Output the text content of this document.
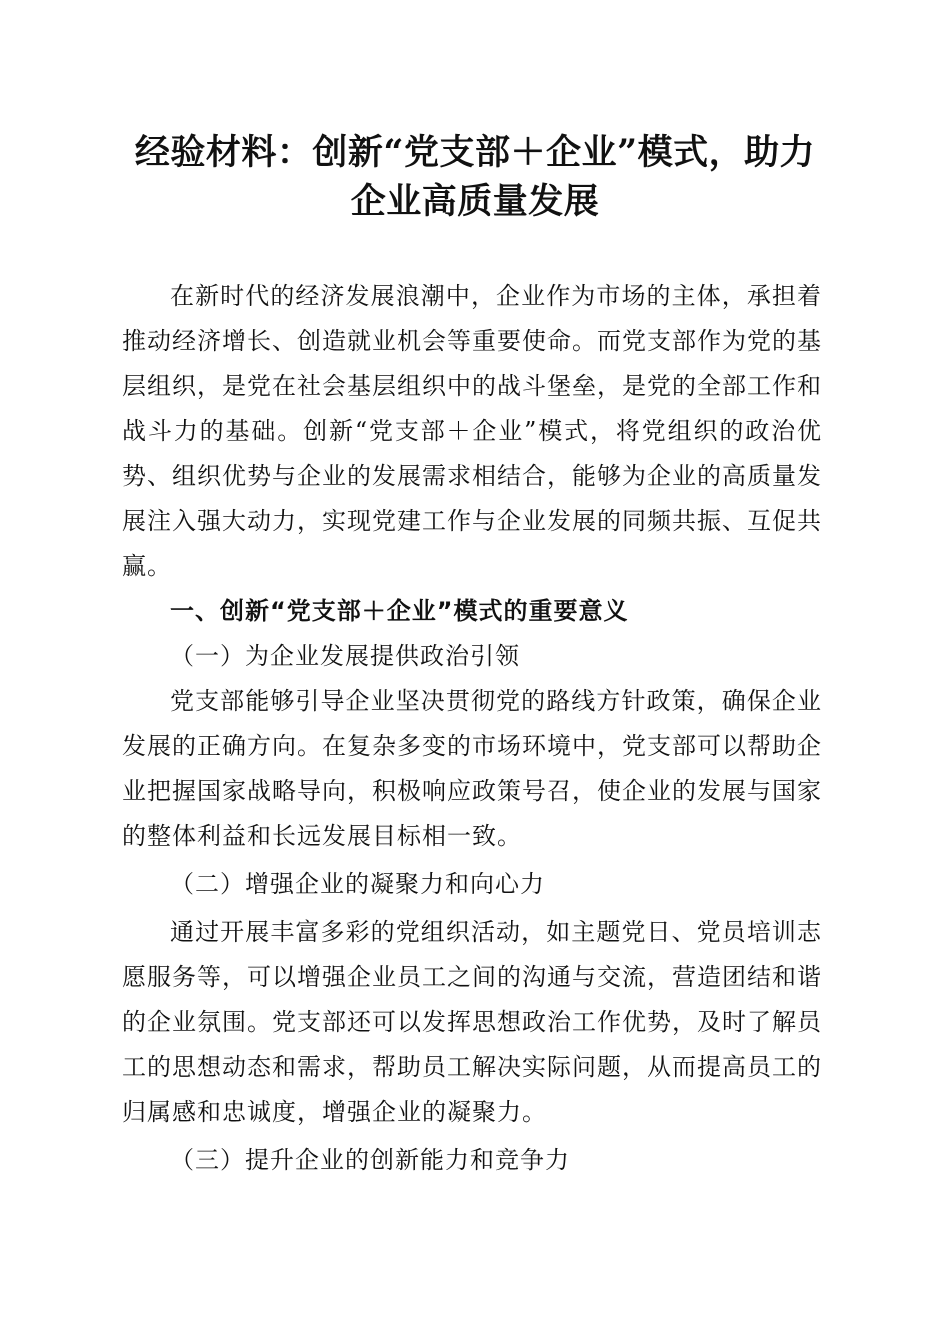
经验材料：创新“党支部＋企业”模式，助力
企业高质量发展

在新时代的经济发展浪潮中，企业作为市场的主体，承担着推动经济增长、创造就业机会等重要使命。而党支部作为党的基层组织，是党在社会基层组织中的战斗堡垒，是党的全部工作和战斗力的基础。创新“党支部＋企业”模式，将党组织的政治优势、组织优势与企业的发展需求相结合，能够为企业的高质量发展注入强大动力，实现党建工作与企业发展的同频共振、互促共赢。

一、创新“党支部＋企业”模式的重要意义
（一）为企业发展提供政治引领

党支部能够引导企业坚决贯彻党的路线方针政策，确保企业发展的正确方向。在复杂多变的市场环境中，党支部可以帮助企业把握国家战略导向，积极响应政策号召，使企业的发展与国家的整体利益和长远发展目标相一致。

（二）增强企业的凝聚力和向心力

通过开展丰富多彩的党组织活动，如主题党日、党员培训志愿服务等，可以增强企业员工之间的沟通与交流，营造团结和谐的企业氛围。党支部还可以发挥思想政治工作优势，及时了解员工的思想动态和需求，帮助员工解决实际问题，从而提高员工的归属感和忠诚度，增强企业的凝聚力。

（三）提升企业的创新能力和竞争力
